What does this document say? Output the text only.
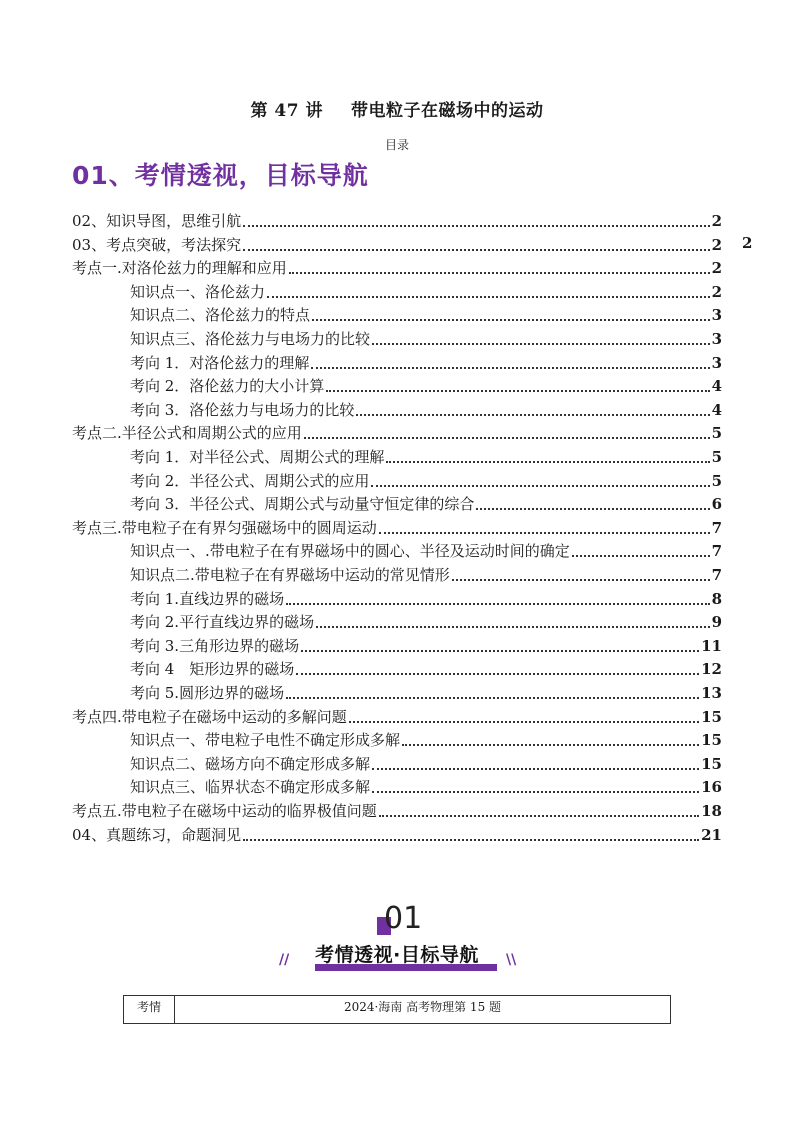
第 47 讲 带电粒子在磁场中的运动
目录
01、考情透视，目标导航
02、知识导图，思维引航	2
03、考点突破，考法探究	2
考点一.对洛伦兹力的理解和应用	2
知识点一、洛伦兹力	2
知识点二、洛伦兹力的特点	3
知识点三、洛伦兹力与电场力的比较	3
考向 1．对洛伦兹力的理解	3
考向 2．洛伦兹力的大小计算	4
考向 3．洛伦兹力与电场力的比较	4
考点二.半径公式和周期公式的应用	5
考向 1．对半径公式、周期公式的理解	5
考向 2．半径公式、周期公式的应用	5
考向 3．半径公式、周期公式与动量守恒定律的综合	6
考点三.带电粒子在有界匀强磁场中的圆周运动	7
知识点一、.带电粒子在有界磁场中的圆心、半径及运动时间的确定	7
知识点二.带电粒子在有界磁场中运动的常见情形	7
考向 1.直线边界的磁场	8
考向 2.平行直线边界的磁场	9
考向 3.三角形边界的磁场	11
考向 4　矩形边界的磁场	12
考向 5.圆形边界的磁场	13
考点四.带电粒子在磁场中运动的多解问题	15
知识点一、带电粒子电性不确定形成多解	15
知识点二、磁场方向不确定形成多解	15
知识点三、临界状态不确定形成多解	16
考点五.带电粒子在磁场中运动的临界极值问题	18
04、真题练习，命题洞见	21
2
01
//	考情透视·目标导航	\\
考情	2024·海南 高考物理第 15 题
